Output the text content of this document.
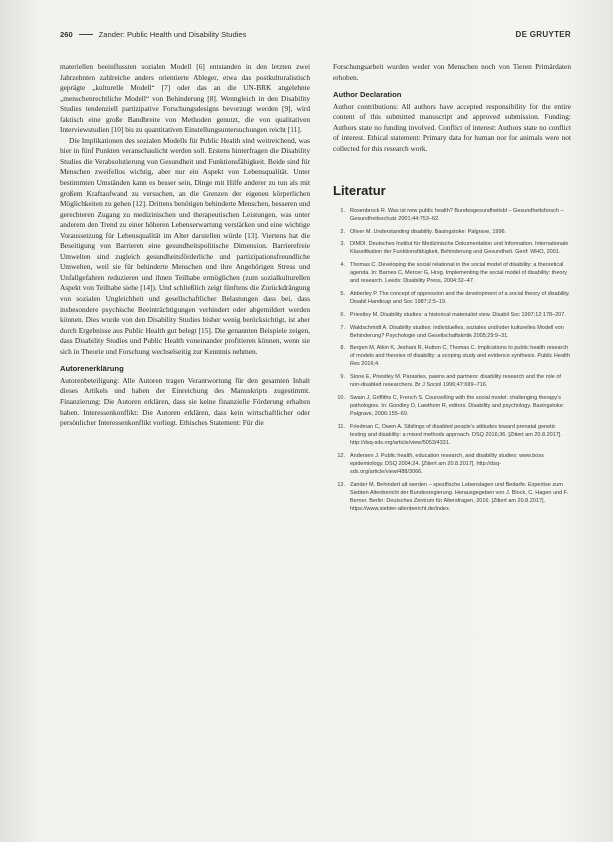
260	Zander: Public Health und Disability Studies	DE GRUYTER

materiellen beeinflussten sozialen Modell [6] entstanden in den letzten zwei Jahrzehnten zahlreiche anders orientierte Ableger, etwa das postkulturalistisch geprägte „kulturelle Modell“ [7] oder das an die UN-BRK angelehnte „menschenrechtliche Modell“ von Behinderung [8]. Wenngleich in den Disability Studies tendenziell partizipative Forschungsdesigns bevorzugt werden [9], wird faktisch eine große Bandbreite von Methoden genutzt, die von qualitativen Interviewstudien [10] bis zu quantitativen Einstellungsuntersuchungen reicht [11].

Die Implikationen des sozialen Modells für Public Health sind weitreichend, was hier in fünf Punkten veranschaulicht werden soll. Erstens hinterfragen die Disability Studies die Verabsolutierung von Gesundheit und Funktionsfähigkeit. Beide sind für Menschen zweifellos wichtig, aber nur ein Aspekt von Lebensqualität. Unter bestimmten Umständen kann es besser sein, Dinge mit Hilfe anderer zu tun als mit großem Kraftaufwand zu versuchen, an die Grenzen der eigenen körperlichen Möglichkeiten zu gehen [12]. Drittens benötigen behinderte Menschen, besseren und gerechteren Zugang zu medizinischen und therapeutischen Leistungen, was unter anderem den Trend zu einer höheren Lebenserwartung verstärken und eine wichtige Voraussetzung für Lebensqualität im Alter darstellen würde [13]. Viertens hat die Beseitigung von Barrieren eine gesundheitspolitische Dimension. Barrierefreie Umwelten sind zugleich gesundheitsförderliche und partizipationsfreundliche Umwelten, weil sie für behinderte Menschen und ihre Angehörigen Stress und Unfallgefahren reduzieren und ihnen Teilhabe ermöglichen (zum sozialkulturellen Aspekt von Teilhabe siehe [14]). Und schließlich zeigt fünftens die Zurückdrängung von sozialen Ungleichheit und gesellschaftlicher Belastungen dass bei, dass insbesondere psychische Beeinträchtigungen verhindert oder abgemildert werden können. Dies wurde von den Disability Studies bisher wenig berücksichtigt, ist aber durch Ergebnisse aus Public Health gut belegt [15]. Die genannten Beispiele zeigen, dass Disability Studies und Public Health voneinander profitieren können, wenn sie sich in Theorie und Forschung wechselseitig zur Kenntnis nehmen.

Autorenerklärung

Autorenbeteiligung: Alle Autoren tragen Verantwortung für den gesamten Inhalt dieses Artikels und haben der Einreichung des Manuskripts zugestimmt. Finanzierung: Die Autoren erklären, dass sie keine finanzielle Förderung erhalten haben. Interessenkonflikt: Die Autoren erklären, dass kein wirtschaftlicher oder persönlicher Interessenkonflikt vorliegt. Ethisches Statement: Für die

Forschungsarbeit wurden weder von Menschen noch von Tieren Primärdaten erhoben.

Author Declaration

Author contributions: All authors have accepted responsibility for the entire content of this submitted manuscript and approved submission. Funding: Authors state no funding involved. Conflict of interest: Authors state no conflict of interest. Ethical statement: Primary data for human nor for animals were not collected for this research work.

Literatur
1. Rosenbrock R. Was ist new public health? Bundesgesundheitsbl – Gesundheitsforsch – Gesundheitsschutz 2001;44:753–62.
2. Oliver M. Understanding disability. Basingstoke: Palgrave, 1996.
3. DIMDI. Deutsches Institut für Medizinische Dokumentation und Information. Internationale Klassifikation der Funktionsfähigkeit, Behinderung und Gesundheit. Genf: WHO, 2001.
4. Thomas C. Developing the social relational in the social model of disability: a theoretical agenda. In: Barnes C, Mercer G, Hrsg. Implementing the social model of disability: theory and research. Leeds: Disability Press, 2004:32–47.
5. Abberley P. The concept of oppression and the development of a social theory of disability. Disabil Handicap and Soc 1987;2:5–19.
6. Priestley M. Disability studies: a historical materialist view. Disabil Soc 1997;12:178–207.
7. Waldschmidt A. Disability studies: individuelles, soziales und/oder kulturelles Modell von Behinderung? Psychologie und Gesellschaftskritik 2005;29:9–31.
8. Bergen M, Atkin K, Jeshani R, Hutton C, Thomas C. Implications to public health research of models and theories of disability: a scoping study and evidence synthesis. Public Health Res 2016;4.
9. Stone E, Priestley M. Parasites, pawns and partners: disability research and the role of non-disabled researchers. Br J Sociol 1996;47:699–716.
10. Swain J, Griffiths C, French S. Counselling with the social model: challenging therapy’s pathologies. In: Goodley D, Lawthom R, editors. Disability and psychology. Basingstoke: Palgrave, 2006:155–69.
11. Friedman C, Owen A. Sibilings of disabled people’s attitudes toward prenatal genetic testing and disability: a mixed methods approach. DSQ 2016;36. [Zitiert am 20.8.2017]. http://dsq-sds.org/article/view/5053/4331.
12. Andersen J. Public health, education research, and disability studies: www.boss epidemiology. DSQ 2004;24. [Zitiert am 20.8.2017]. http://dsq-sds.org/article/view/488/3066.
13. Zander M. Behindert alt werden – spezifische Lebenslagen und Bedarfe. Expertise zum Siebten Altenbericht der Bundesregierung. Herausgegeben von J. Block, C. Hagen und F. Berner. Berlin: Deutsches Zentrum für Altersfragen, 2016. [Zitiert am 20.8.2017]. https://www.siebter-altenbericht.de/index.
